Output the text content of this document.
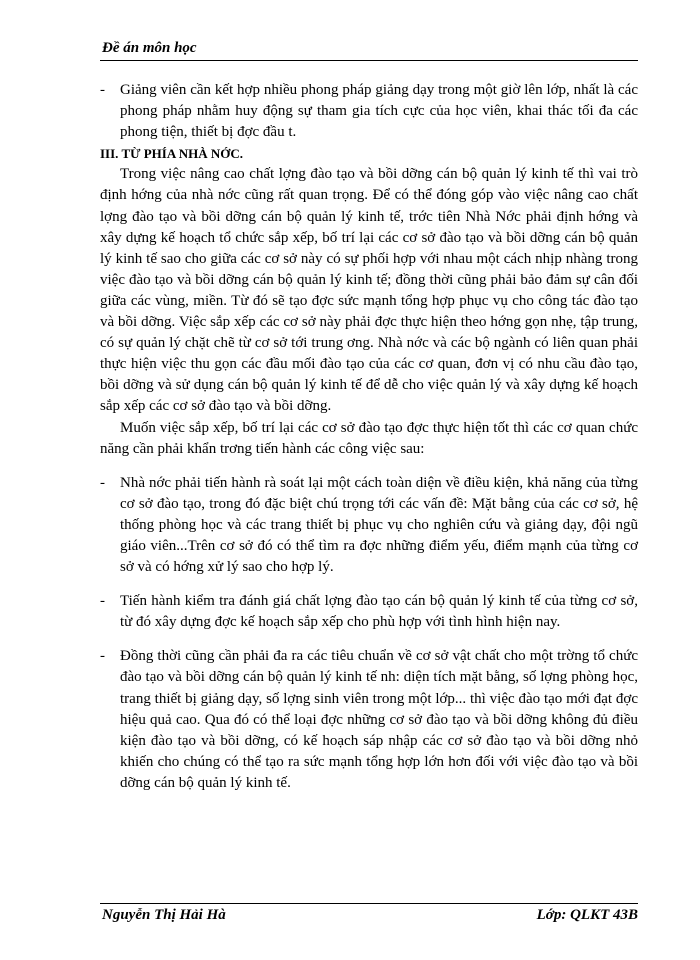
Đề án môn học
- Giảng viên cần kết hợp nhiều phong pháp giảng dạy trong một giờ lên lớp, nhất là các phong pháp nhằm huy động sự tham gia tích cực của học viên, khai thác tối đa các phong tiện, thiết bị đợc đầu t.
III. TỪ PHÍA NHÀ NỚC.
Trong việc nâng cao chất lợng đào tạo và bồi dỡng cán bộ quản lý kinh tế thì vai trò định hớng của nhà nớc cũng rất quan trọng. Để có thể đóng góp vào việc nâng cao chất lợng đào tạo và bồi dỡng cán bộ quản lý kinh tế, trớc tiên Nhà Nớc phải định hớng và xây dựng kế hoạch tổ chức sắp xếp, bố trí lại các cơ sở đào tạo và bồi dỡng cán bộ quản lý kinh tế sao cho giữa các cơ sở này có sự phối hợp với nhau một cách nhịp nhàng trong việc đào tạo và bồi dỡng cán bộ quản lý kinh tế; đồng thời cũng phải bảo đảm sự cân đối giữa các vùng, miền. Từ đó sẽ tạo đợc sức mạnh tổng hợp phục vụ cho công tác đào tạo và bồi dỡng. Việc sắp xếp các cơ sở này phải đợc thực hiện theo hớng gọn nhẹ, tập trung, có sự quản lý chặt chẽ từ cơ sở tới trung ơng. Nhà nớc và các bộ ngành có liên quan phải thực hiện việc thu gọn các đầu mối đào tạo của các cơ quan, đơn vị có nhu cầu đào tạo, bồi dỡng và sử dụng cán bộ quản lý kinh tế để dễ cho việc quản lý và xây dựng kế hoạch sắp xếp các cơ sở đào tạo và bồi dỡng.
Muốn việc sắp xếp, bố trí lại các cơ sở đào tạo đợc thực hiện tốt thì các cơ quan chức năng cần phải khẩn trơng tiến hành các công việc sau:
- Nhà nớc phải tiến hành rà soát lại một cách toàn diện về điều kiện, khả năng của từng cơ sở đào tạo, trong đó đặc biệt chú trọng tới các vấn đề: Mặt bằng của các cơ sở, hệ thống phòng học và các trang thiết bị phục vụ cho nghiên cứu và giảng dạy, đội ngũ giáo viên...Trên cơ sở đó có thể tìm ra đợc những điểm yếu, điểm mạnh của từng cơ sở và có hớng xử lý sao cho hợp lý.
- Tiến hành kiểm tra đánh giá chất lợng đào tạo cán bộ quản lý kinh tế của từng cơ sở, từ đó xây dựng đợc kế hoạch sắp xếp cho phù hợp với tình hình hiện nay.
- Đồng thời cũng cần phải đa ra các tiêu chuẩn về cơ sở vật chất cho một trờng tổ chức đào tạo và bồi dỡng cán bộ quản lý kinh tế nh: diện tích mặt bằng, số lợng phòng học, trang thiết bị giảng dạy, số lợng sinh viên trong một lớp... thì việc đào tạo mới đạt đợc hiệu quả cao. Qua đó có thể loại đợc những cơ sở đào tạo và bồi dỡng không đủ điều kiện đào tạo và bồi dỡng, có kế hoạch sáp nhập các cơ sở đào tạo và bồi dỡng nhỏ khiến cho chúng có thể tạo ra sức mạnh tổng hợp lớn hơn đối với việc đào tạo và bồi dỡng cán bộ quản lý kinh tế.
Nguyễn Thị Hải Hà	Lớp: QLKT 43B
